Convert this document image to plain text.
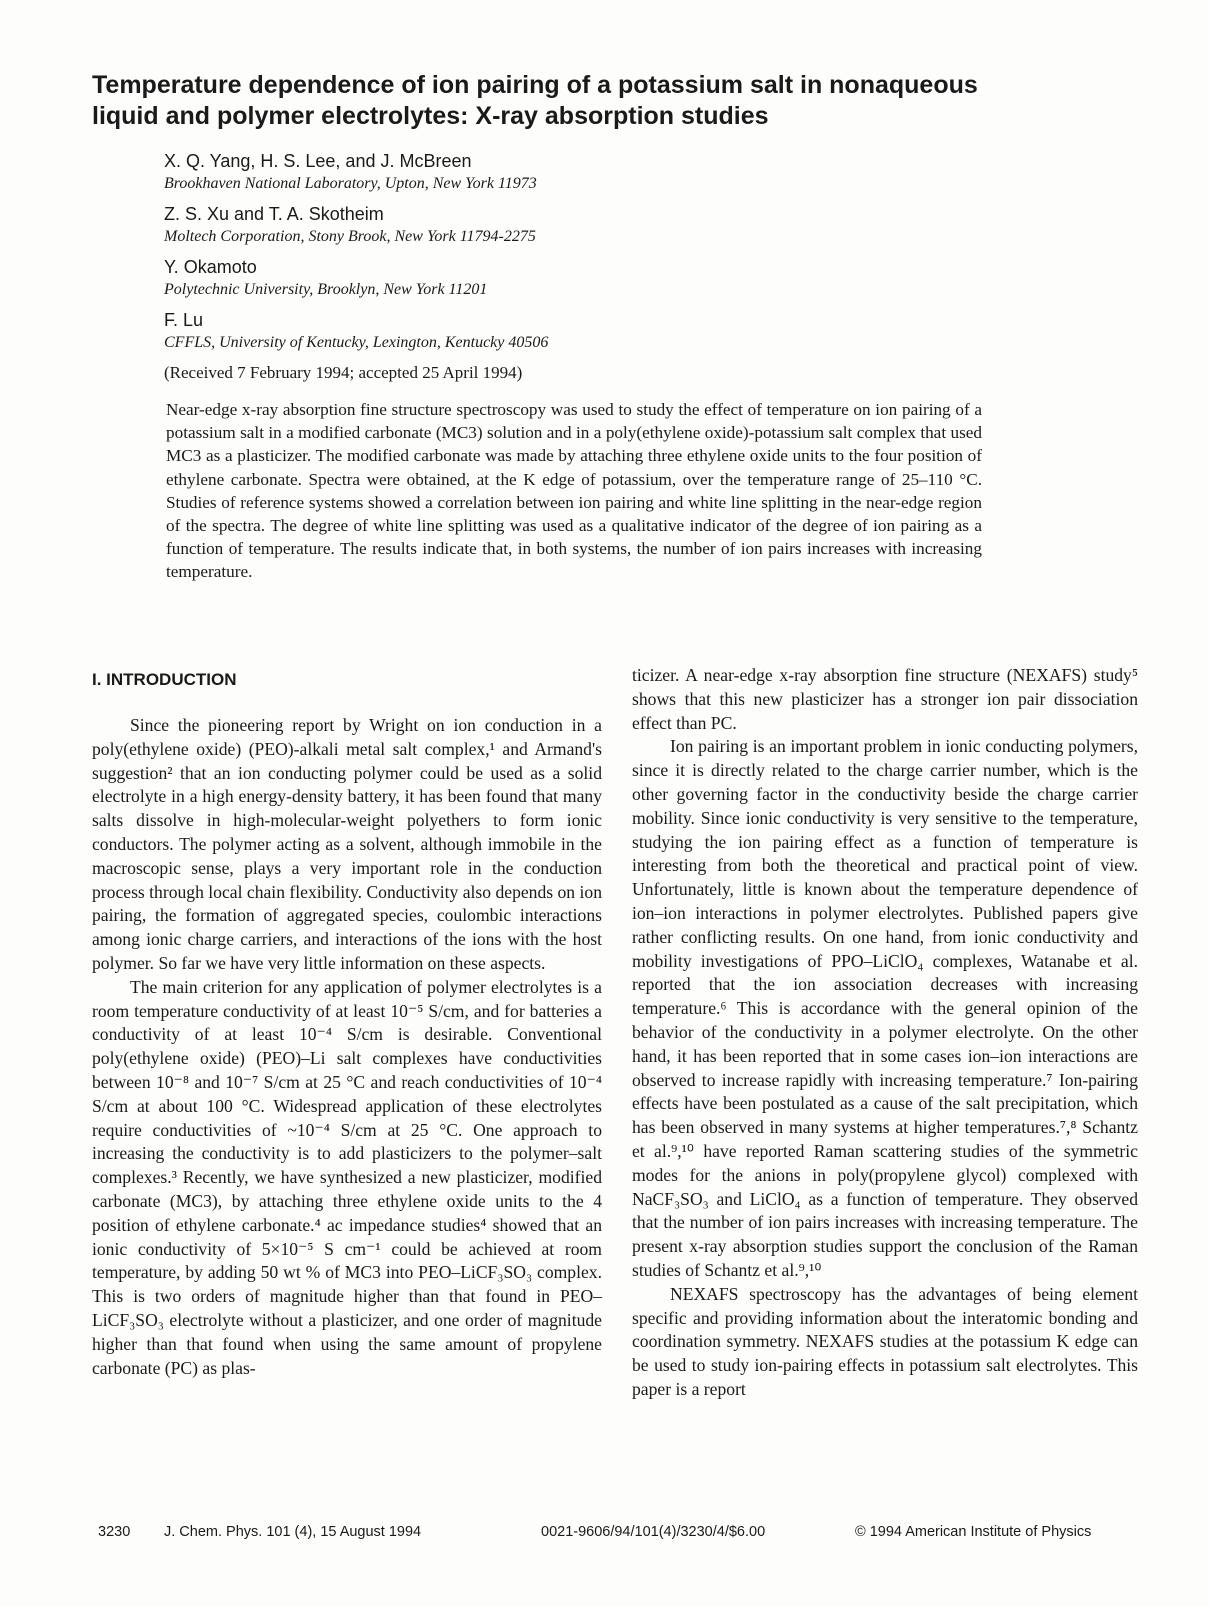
Temperature dependence of ion pairing of a potassium salt in nonaqueous
liquid and polymer electrolytes: X-ray absorption studies
X. Q. Yang, H. S. Lee, and J. McBreen
Brookhaven National Laboratory, Upton, New York 11973
Z. S. Xu and T. A. Skotheim
Moltech Corporation, Stony Brook, New York 11794-2275
Y. Okamoto
Polytechnic University, Brooklyn, New York 11201
F. Lu
CFFLS, University of Kentucky, Lexington, Kentucky 40506
(Received 7 February 1994; accepted 25 April 1994)
Near-edge x-ray absorption fine structure spectroscopy was used to study the effect of temperature on ion pairing of a potassium salt in a modified carbonate (MC3) solution and in a poly(ethylene oxide)-potassium salt complex that used MC3 as a plasticizer. The modified carbonate was made by attaching three ethylene oxide units to the four position of ethylene carbonate. Spectra were obtained, at the K edge of potassium, over the temperature range of 25–110 °C. Studies of reference systems showed a correlation between ion pairing and white line splitting in the near-edge region of the spectra. The degree of white line splitting was used as a qualitative indicator of the degree of ion pairing as a function of temperature. The results indicate that, in both systems, the number of ion pairs increases with increasing temperature.
I. INTRODUCTION

Since the pioneering report by Wright on ion conduction in a poly(ethylene oxide) (PEO)-alkali metal salt complex,¹ and Armand's suggestion² that an ion conducting polymer could be used as a solid electrolyte in a high energy-density battery, it has been found that many salts dissolve in high-molecular-weight polyethers to form ionic conductors. The polymer acting as a solvent, although immobile in the macroscopic sense, plays a very important role in the conduction process through local chain flexibility. Conductivity also depends on ion pairing, the formation of aggregated species, coulombic interactions among ionic charge carriers, and interactions of the ions with the host polymer. So far we have very little information on these aspects.

The main criterion for any application of polymer electrolytes is a room temperature conductivity of at least 10⁻⁵ S/cm, and for batteries a conductivity of at least 10⁻⁴ S/cm is desirable. Conventional poly(ethylene oxide) (PEO)–Li salt complexes have conductivities between 10⁻⁸ and 10⁻⁷ S/cm at 25 °C and reach conductivities of 10⁻⁴ S/cm at about 100 °C. Widespread application of these electrolytes require conductivities of ~10⁻⁴ S/cm at 25 °C. One approach to increasing the conductivity is to add plasticizers to the polymer–salt complexes.³ Recently, we have synthesized a new plasticizer, modified carbonate (MC3), by attaching three ethylene oxide units to the 4 position of ethylene carbonate.⁴ ac impedance studies⁴ showed that an ionic conductivity of 5×10⁻⁵ S cm⁻¹ could be achieved at room temperature, by adding 50 wt % of MC3 into PEO–LiCF₃SO₃ complex. This is two orders of magnitude higher than that found in PEO–LiCF₃SO₃ electrolyte without a plasticizer, and one order of magnitude higher than that found when using the same amount of propylene carbonate (PC) as plas-

ticizer. A near-edge x-ray absorption fine structure (NEXAFS) study⁵ shows that this new plasticizer has a stronger ion pair dissociation effect than PC.

Ion pairing is an important problem in ionic conducting polymers, since it is directly related to the charge carrier number, which is the other governing factor in the conductivity beside the charge carrier mobility. Since ionic conductivity is very sensitive to the temperature, studying the ion pairing effect as a function of temperature is interesting from both the theoretical and practical point of view. Unfortunately, little is known about the temperature dependence of ion–ion interactions in polymer electrolytes. Published papers give rather conflicting results. On one hand, from ionic conductivity and mobility investigations of PPO–LiClO₄ complexes, Watanabe et al. reported that the ion association decreases with increasing temperature.⁶ This is accordance with the general opinion of the behavior of the conductivity in a polymer electrolyte. On the other hand, it has been reported that in some cases ion–ion interactions are observed to increase rapidly with increasing temperature.⁷ Ion-pairing effects have been postulated as a cause of the salt precipitation, which has been observed in many systems at higher temperatures.⁷,⁸ Schantz et al.⁹,¹⁰ have reported Raman scattering studies of the symmetric modes for the anions in poly(propylene glycol) complexed with NaCF₃SO₃ and LiClO₄ as a function of temperature. They observed that the number of ion pairs increases with increasing temperature. The present x-ray absorption studies support the conclusion of the Raman studies of Schantz et al.⁹,¹⁰

NEXAFS spectroscopy has the advantages of being element specific and providing information about the interatomic bonding and coordination symmetry. NEXAFS studies at the potassium K edge can be used to study ion-pairing effects in potassium salt electrolytes. This paper is a report

3230 J. Chem. Phys. 101 (4), 15 August 1994	0021-9606/94/101(4)/3230/4/$6.00	© 1994 American Institute of Physics
